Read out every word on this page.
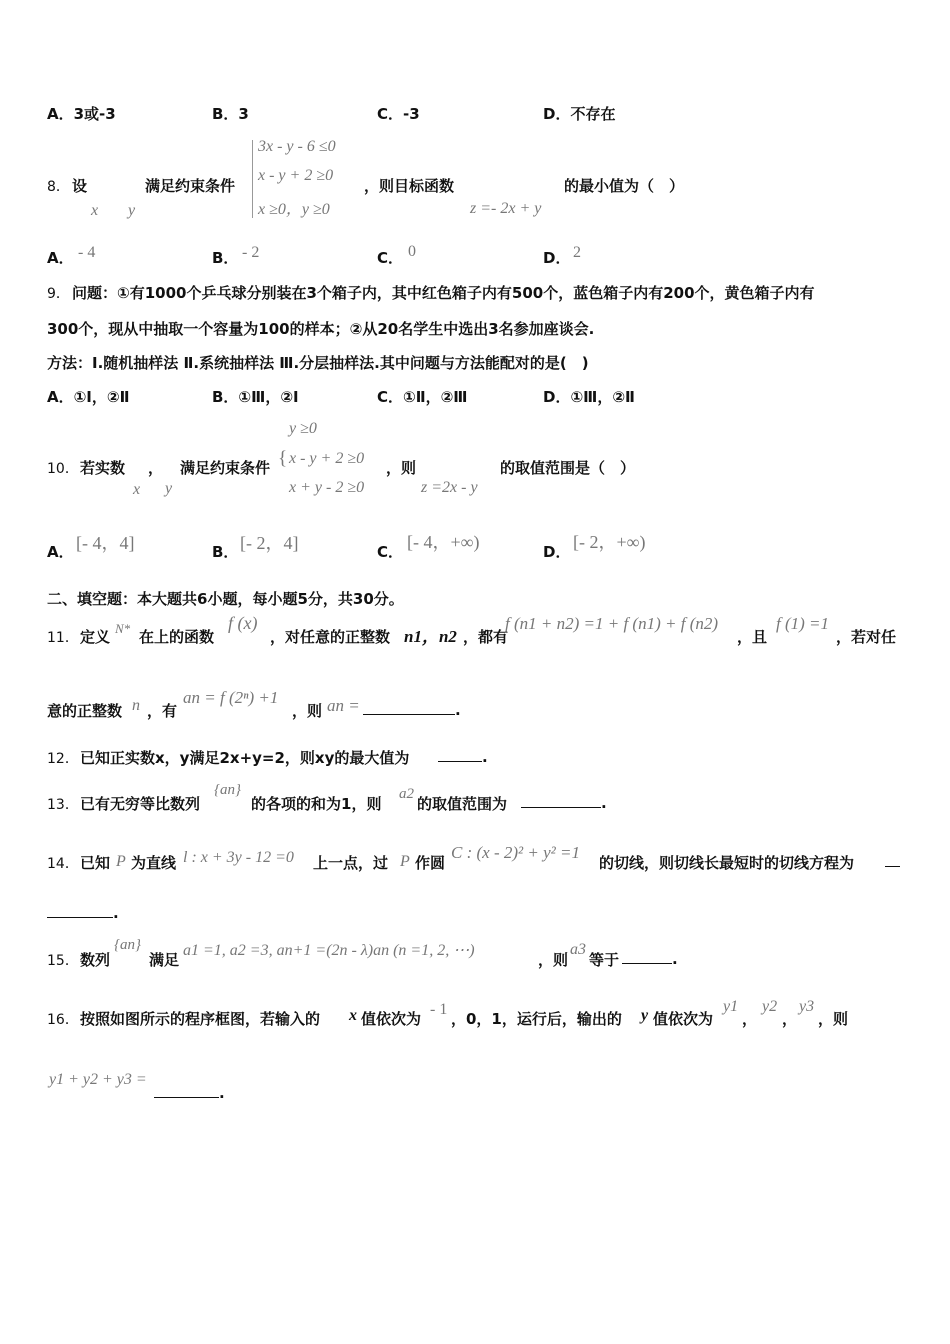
A．3或-3	B．3	C．-3	D．不存在
8． 设
x y
满足约束条件
3x - y - 6 ≤0
x - y + 2 ≥0
x ≥0，y ≥0
，则目标函数
z =- 2x + y
的最小值为（　）
A． - 4	B． - 2	C． 0	D． 2
9． 问题：①有1000个乒乓球分别装在3个箱子内，其中红色箱子内有500个，蓝色箱子内有200个，黄色箱子内有
300个，现从中抽取一个容量为100的样本；②从20名学生中选出3名参加座谈会.
方法：Ⅰ.随机抽样法 Ⅱ.系统抽样法 Ⅲ.分层抽样法.其中问题与方法能配对的是(　)
A．①Ⅰ，②Ⅱ	B．①Ⅲ，②Ⅰ	C．①Ⅱ，②Ⅲ	D．①Ⅲ，②Ⅱ
y ≥0
10． 若实数 ，
x y
满足约束条件 { x - y + 2 ≥0
x + y - 2 ≥0
，则
z =2x - y
的取值范围是（　）
A． [- 4，4]	B． [- 2，4]	C． [- 4，+∞)	D． [- 2，+∞)
二、填空题：本大题共6小题，每小题5分，共30分。
11． 定义 N* 在上的函数
f (x)
，对任意的正整数 n1，n2 ，都有
f (n1 + n2) =1 + f (n1) + f (n2)
，且
f (1) =1
，若对任
意的正整数 n ，有
an = f (2ⁿ) +1
，则 an =	.
12． 已知正实数x，y满足2x+y=2，则xy的最大值为	.
13． 已有无穷等比数列
{an}
的各项的和为1，则
a2
的取值范围为	.
14． 已知 P 为直线 l : x + 3y - 12 =0 上一点，过 P 作圆
C : (x - 2)² + y² =1
的切线，则切线长最短时的切线方程为
.
15． 数列
{an}
满足
a1 =1, a2 =3, an+1 =(2n - λ)an (n =1, 2, ⋯)
，则
a3
等于	.
16． 按照如图所示的程序框图，若输入的 x 值依次为
- 1
，0，1，运行后，输出的 y 值依次为
y1
，
y2
，
y3
，则
y1 + y2 + y3 =
.
